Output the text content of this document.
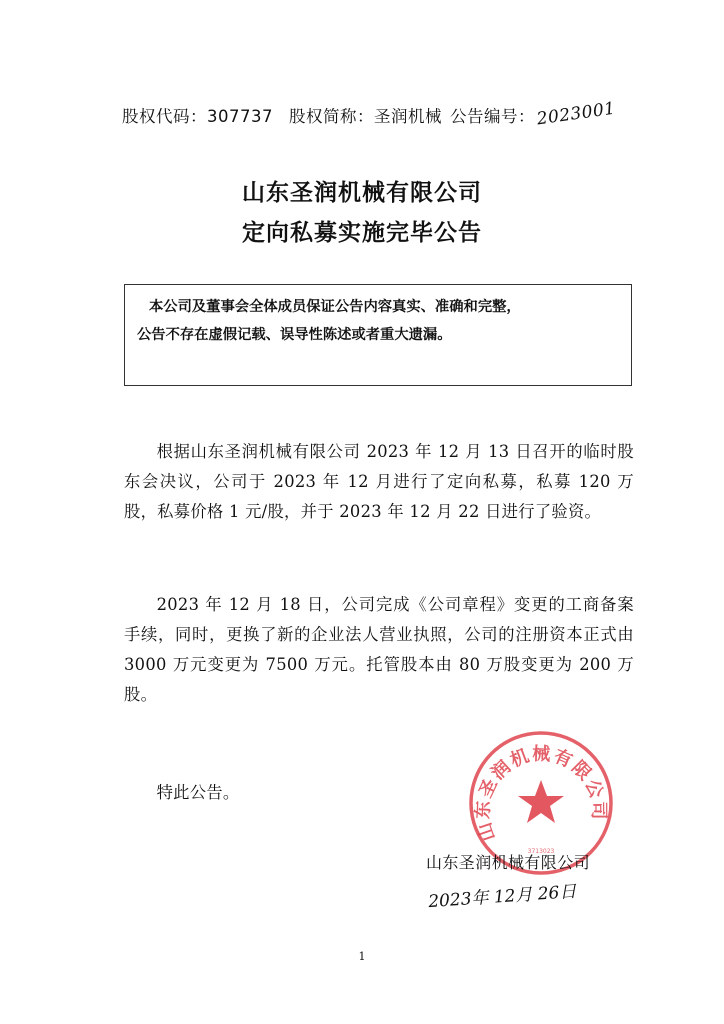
股权代码：307737 股权简称：圣润机械 公告编号：2023001
山东圣润机械有限公司
定向私募实施完毕公告

本公司及董事会全体成员保证公告内容真实、准确和完整，

公告不存在虚假记载、误导性陈述或者重大遗漏。

根据山东圣润机械有限公司 2023 年 12 月 13 日召开的临时股东会决议，公司于 2023 年 12 月进行了定向私募，私募 120 万股，私募价格 1 元/股，并于 2023 年 12 月 22 日进行了验资。

2023 年 12 月 18 日，公司完成《公司章程》变更的工商备案手续，同时，更换了新的企业法人营业执照，公司的注册资本正式由 3000 万元变更为 7500 万元。托管股本由 80 万股变更为 200 万股。

特此公告。

山东圣润机械有限公司
3713023
山东圣润机械有限公司
2023年 12月 26日
1
